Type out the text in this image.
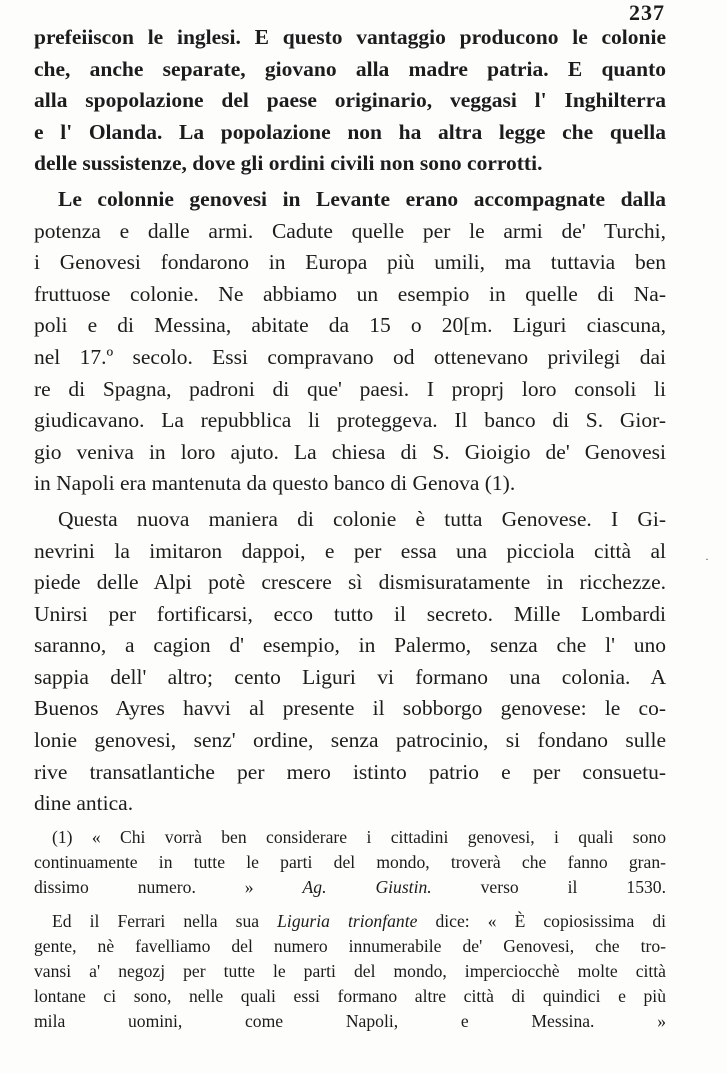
237

prefeiiscon le inglesi. E questo vantaggio producono le colonie
che, anche separate, giovano alla madre patria. E quanto
alla spopolazione del paese originario, veggasi l' Inghilterra
e l' Olanda. La popolazione non ha altra legge che quella
delle sussistenze, dove gli ordini civili non sono corrotti.

Le colonnie genovesi in Levante erano accompagnate dalla
potenza e dalle armi. Cadute quelle per le armi de' Turchi,
i Genovesi fondarono in Europa più umili, ma tuttavia ben
fruttuose colonie. Ne abbiamo un esempio in quelle di Na-
poli e di Messina, abitate da 15 o 20[m. Liguri ciascuna,
nel 17.º secolo. Essi compravano od ottenevano privilegi dai
re di Spagna, padroni di que' paesi. I proprj loro consoli li
giudicavano. La repubblica li proteggeva. Il banco di S. Gior-
gio veniva in loro ajuto. La chiesa di S. Gioigio de' Genovesi
in Napoli era mantenuta da questo banco di Genova (1).

Questa nuova maniera di colonie è tutta Genovese. I Gi-
nevrini la imitaron dappoi, e per essa una picciola città al
piede delle Alpi potè crescere sì dismisuratamente in ricchezze.
Unirsi per fortificarsi, ecco tutto il secreto. Mille Lombardi
saranno, a cagion d' esempio, in Palermo, senza che l' uno
sappia dell' altro; cento Liguri vi formano una colonia. A
Buenos Ayres havvi al presente il sobborgo genovese: le co-
lonie genovesi, senz' ordine, senza patrocinio, si fondano sulle
rive transatlantiche per mero istinto patrio e per consuetu-
dine antica.

(1) « Chi vorrà ben considerare i cittadini genovesi, i quali sono
continuamente in tutte le parti del mondo, troverà che fanno gran-
dissimo numero. » Ag. Giustin. verso il 1530.
Ed il Ferrari nella sua Liguria trionfante dice: « È copiosissima di
gente, nè favelliamo del numero innumerabile de' Genovesi, che tro-
vansi a' negozj per tutte le parti del mondo, imperciocchè molte città
lontane ci sono, nelle quali essi formano altre città di quindici e più
mila uomini, come Napoli, e Messina. »
·
